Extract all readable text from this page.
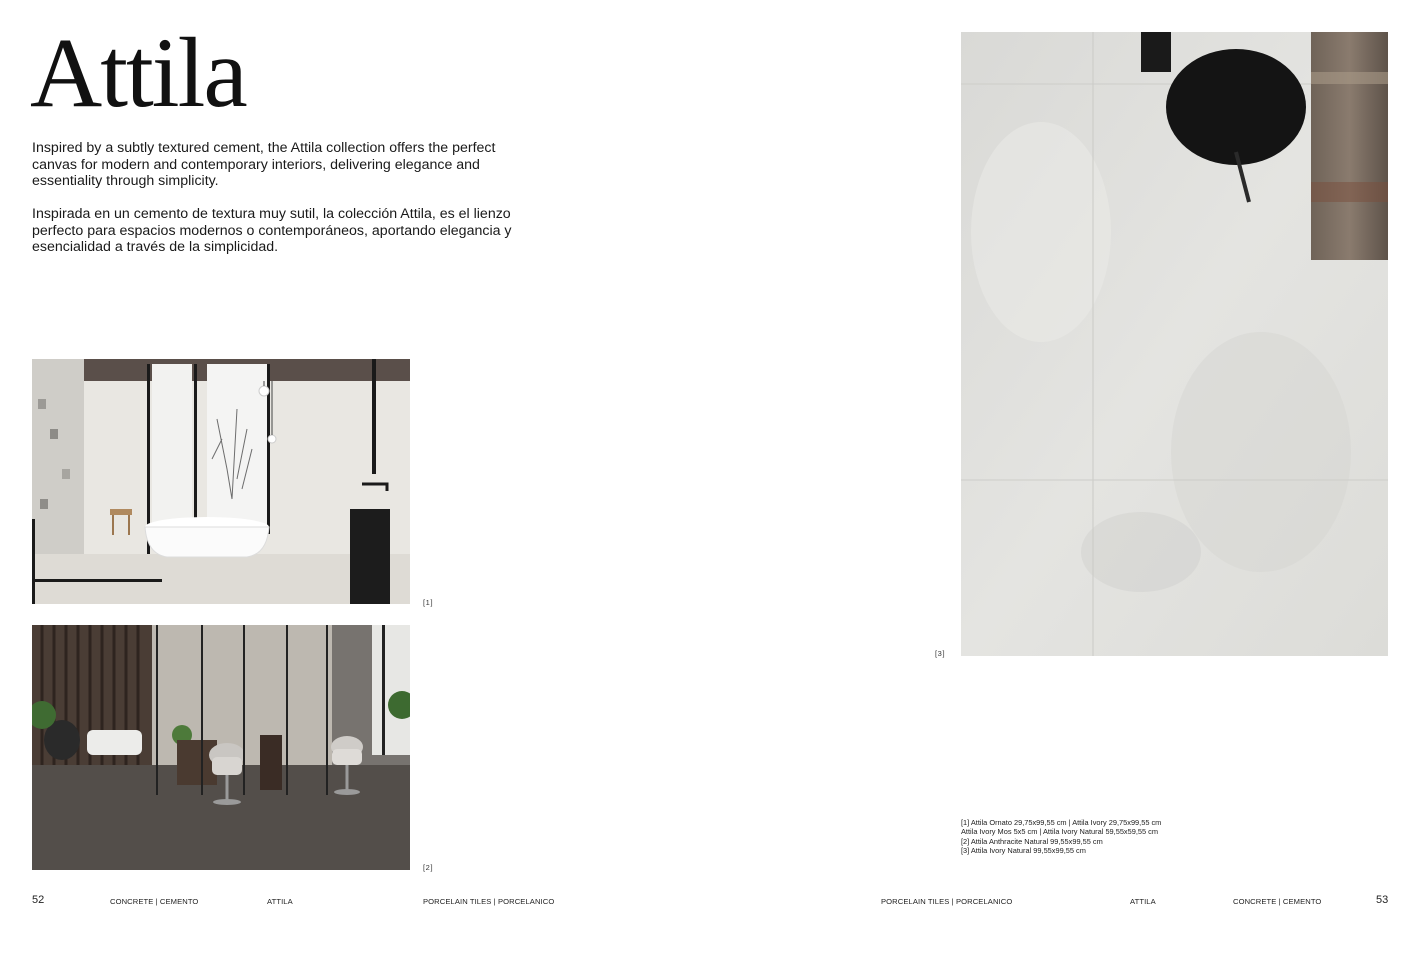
Attila

Inspired by a subtly textured cement, the Attila collection offers the perfect canvas for modern and contemporary interiors, delivering elegance and essentiality through simplicity.

Inspirada en un cemento de textura muy sutil, la colección Attila, es el lienzo perfecto para espacios modernos o contemporáneos, aportando elegancia y esencialidad a través de la simplicidad.

[1]
[2]
[3]
[1] Attila Ornato 29,75x99,55 cm | Attila Ivory 29,75x99,55 cm
Attila Ivory Mos 5x5 cm | Attila Ivory Natural 59,55x59,55 cm
[2] Attila Anthracite Natural 99,55x99,55 cm
[3] Attila Ivory Natural 99,55x99,55 cm
52	CONCRETE | CEMENTO	ATTILA	PORCELAIN TILES | PORCELANICO	PORCELAIN TILES | PORCELANICO	ATTILA	CONCRETE | CEMENTO	53
